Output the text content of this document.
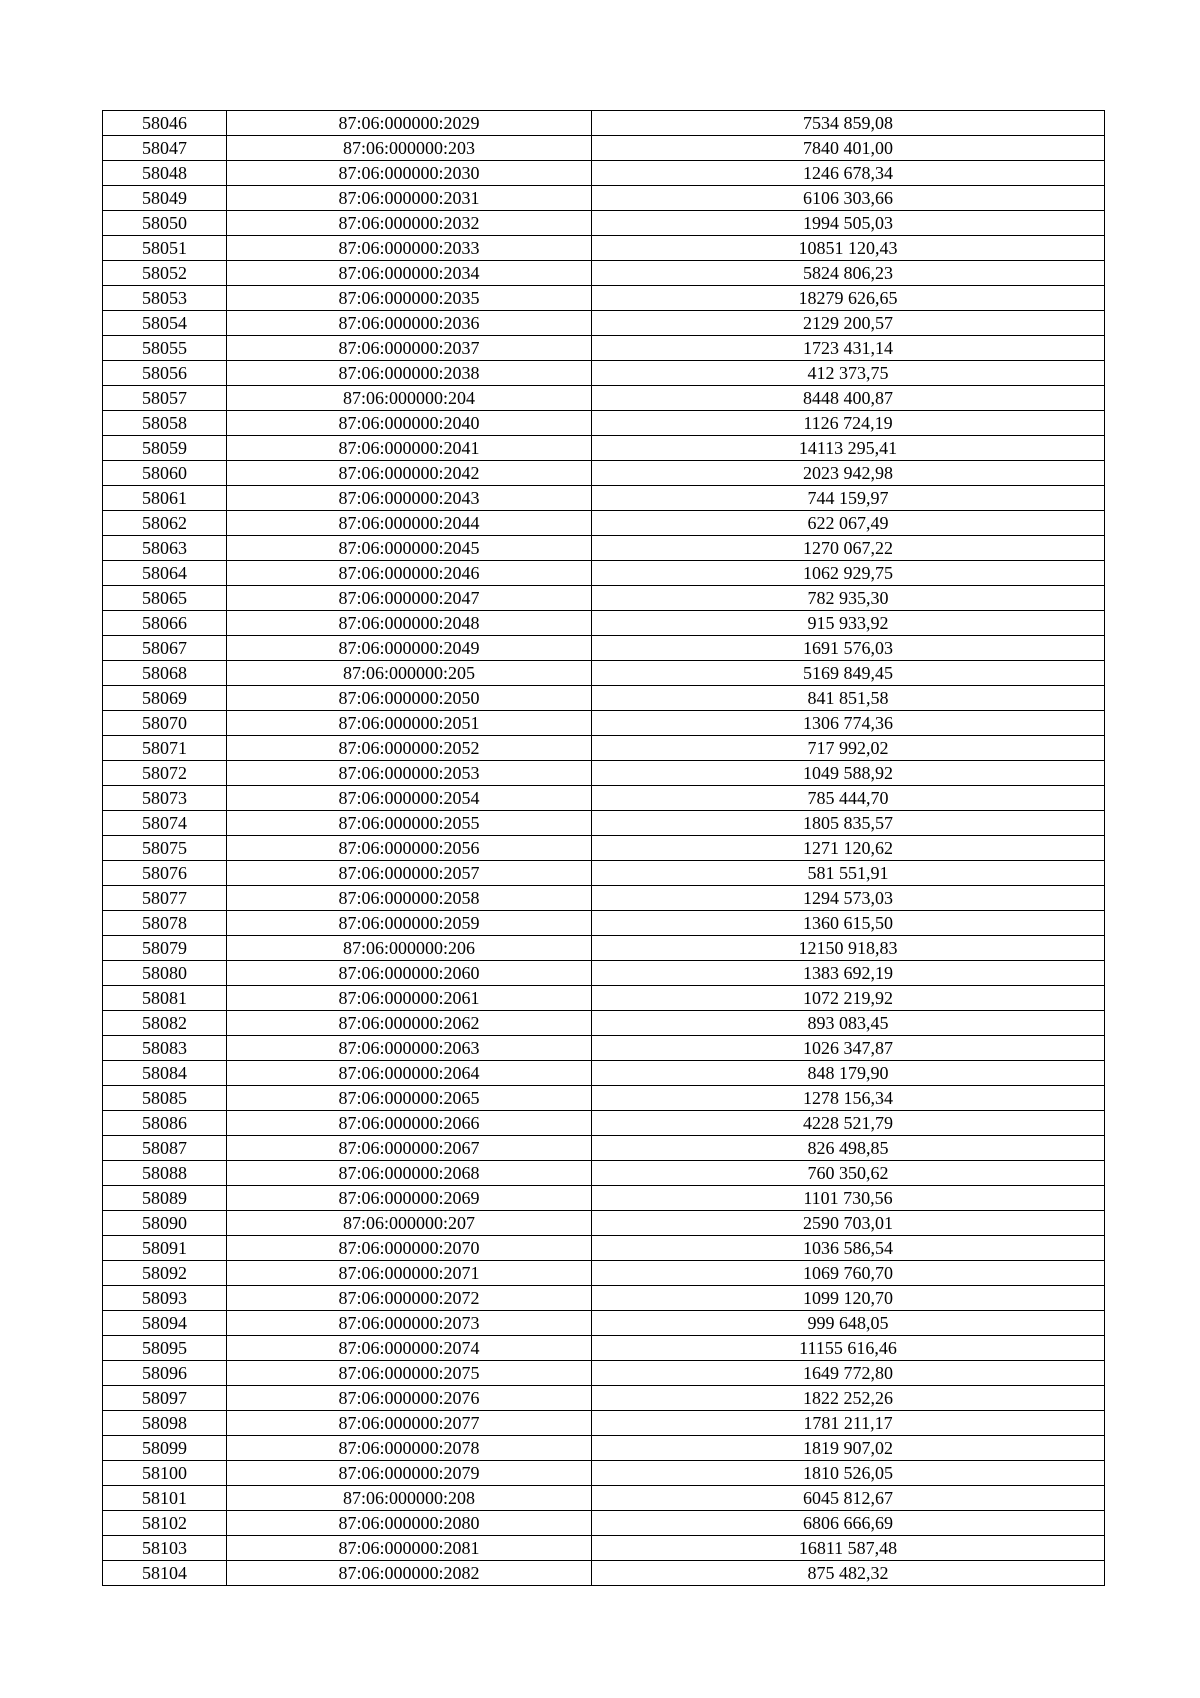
58046	87:06:000000:2029	7534 859,08
58047	87:06:000000:203	7840 401,00
58048	87:06:000000:2030	1246 678,34
58049	87:06:000000:2031	6106 303,66
58050	87:06:000000:2032	1994 505,03
58051	87:06:000000:2033	10851 120,43
58052	87:06:000000:2034	5824 806,23
58053	87:06:000000:2035	18279 626,65
58054	87:06:000000:2036	2129 200,57
58055	87:06:000000:2037	1723 431,14
58056	87:06:000000:2038	412 373,75
58057	87:06:000000:204	8448 400,87
58058	87:06:000000:2040	1126 724,19
58059	87:06:000000:2041	14113 295,41
58060	87:06:000000:2042	2023 942,98
58061	87:06:000000:2043	744 159,97
58062	87:06:000000:2044	622 067,49
58063	87:06:000000:2045	1270 067,22
58064	87:06:000000:2046	1062 929,75
58065	87:06:000000:2047	782 935,30
58066	87:06:000000:2048	915 933,92
58067	87:06:000000:2049	1691 576,03
58068	87:06:000000:205	5169 849,45
58069	87:06:000000:2050	841 851,58
58070	87:06:000000:2051	1306 774,36
58071	87:06:000000:2052	717 992,02
58072	87:06:000000:2053	1049 588,92
58073	87:06:000000:2054	785 444,70
58074	87:06:000000:2055	1805 835,57
58075	87:06:000000:2056	1271 120,62
58076	87:06:000000:2057	581 551,91
58077	87:06:000000:2058	1294 573,03
58078	87:06:000000:2059	1360 615,50
58079	87:06:000000:206	12150 918,83
58080	87:06:000000:2060	1383 692,19
58081	87:06:000000:2061	1072 219,92
58082	87:06:000000:2062	893 083,45
58083	87:06:000000:2063	1026 347,87
58084	87:06:000000:2064	848 179,90
58085	87:06:000000:2065	1278 156,34
58086	87:06:000000:2066	4228 521,79
58087	87:06:000000:2067	826 498,85
58088	87:06:000000:2068	760 350,62
58089	87:06:000000:2069	1101 730,56
58090	87:06:000000:207	2590 703,01
58091	87:06:000000:2070	1036 586,54
58092	87:06:000000:2071	1069 760,70
58093	87:06:000000:2072	1099 120,70
58094	87:06:000000:2073	999 648,05
58095	87:06:000000:2074	11155 616,46
58096	87:06:000000:2075	1649 772,80
58097	87:06:000000:2076	1822 252,26
58098	87:06:000000:2077	1781 211,17
58099	87:06:000000:2078	1819 907,02
58100	87:06:000000:2079	1810 526,05
58101	87:06:000000:208	6045 812,67
58102	87:06:000000:2080	6806 666,69
58103	87:06:000000:2081	16811 587,48
58104	87:06:000000:2082	875 482,32
